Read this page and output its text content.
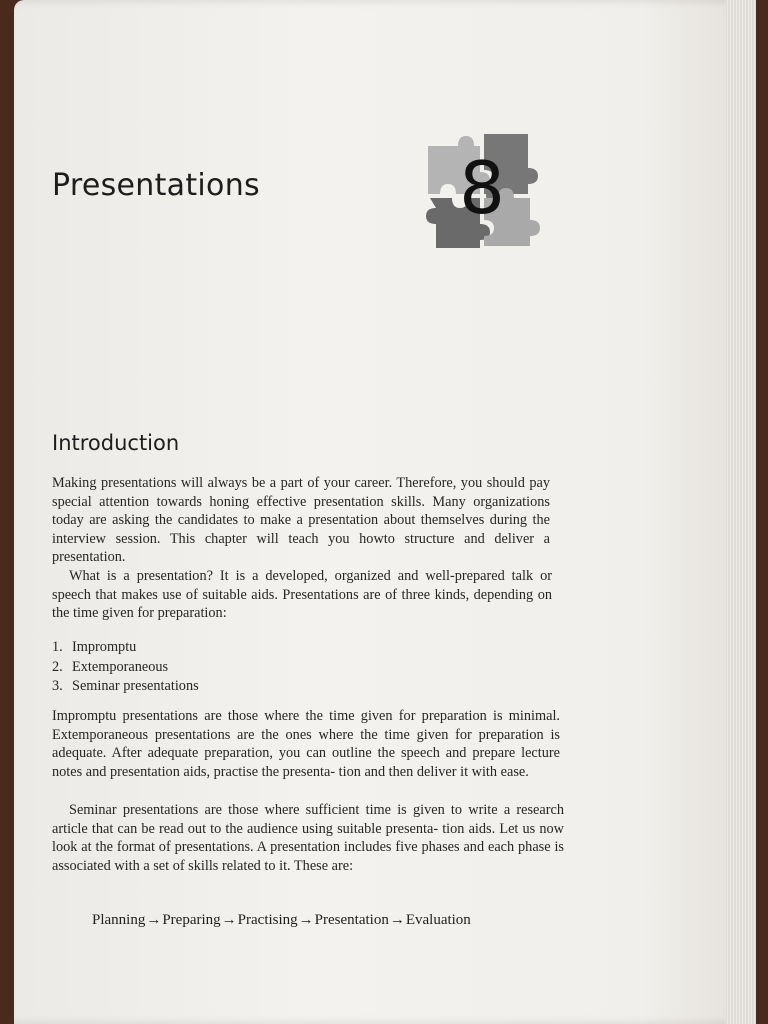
Presentations	8
Introduction
Making presentations will always be a part of your career. Therefore, you should pay special attention towards honing effective presentation skills. Many organizations today are asking the candidates to make a presentation about themselves during the interview session. This chapter will teach you howto structure and deliver a presentation.
What is a presentation? It is a developed, organized and well-prepared talk or speech that makes use of suitable aids. Presentations are of three kinds, depending on the time given for preparation:
1. Impromptu
2. Extemporaneous
3. Seminar presentations
Impromptu presentations are those where the time given for preparation is minimal. Extemporaneous presentations are the ones where the time given for preparation is adequate. After adequate preparation, you can outline the speech and prepare lecture notes and presentation aids, practise the presenta- tion and then deliver it with ease.
Seminar presentations are those where sufficient time is given to write a research article that can be read out to the audience using suitable presenta- tion aids. Let us now look at the format of presentations. A presentation includes five phases and each phase is associated with a set of skills related to it. These are:
Planning→Preparing→Practising→Presentation→Evaluation
